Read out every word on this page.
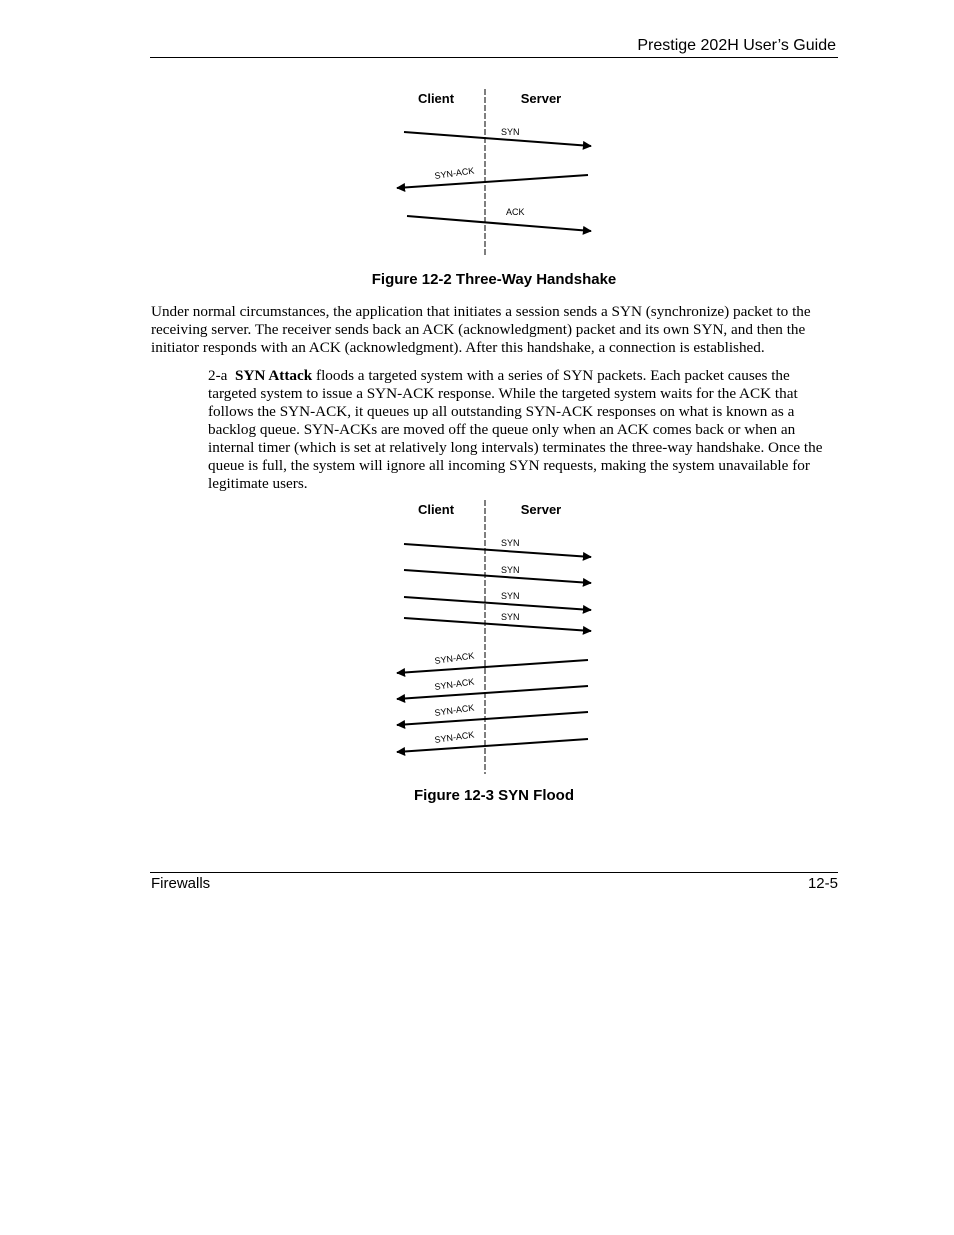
Prestige 202H User’s Guide
Client	Server
SYN
SYN-ACK
ACK
Figure 12-2 Three-Way Handshake

Under normal circumstances, the application that initiates a session sends a SYN (synchronize) packet to the receiving server. The receiver sends back an ACK (acknowledgment) packet and its own SYN, and then the initiator responds with an ACK (acknowledgment). After this handshake, a connection is established.

2-a SYN Attack floods a targeted system with a series of SYN packets. Each packet causes the targeted system to issue a SYN-ACK response. While the targeted system waits for the ACK that follows the SYN-ACK, it queues up all outstanding SYN-ACK responses on what is known as a backlog queue. SYN-ACKs are moved off the queue only when an ACK comes back or when an internal timer (which is set at relatively long intervals) terminates the three-way handshake. Once the queue is full, the system will ignore all incoming SYN requests, making the system unavailable for legitimate users.

Client	Server
SYN
SYN
SYN
SYN
SYN-ACK
SYN-ACK
SYN-ACK
SYN-ACK
Figure 12-3 SYN Flood
Firewalls	12-5
